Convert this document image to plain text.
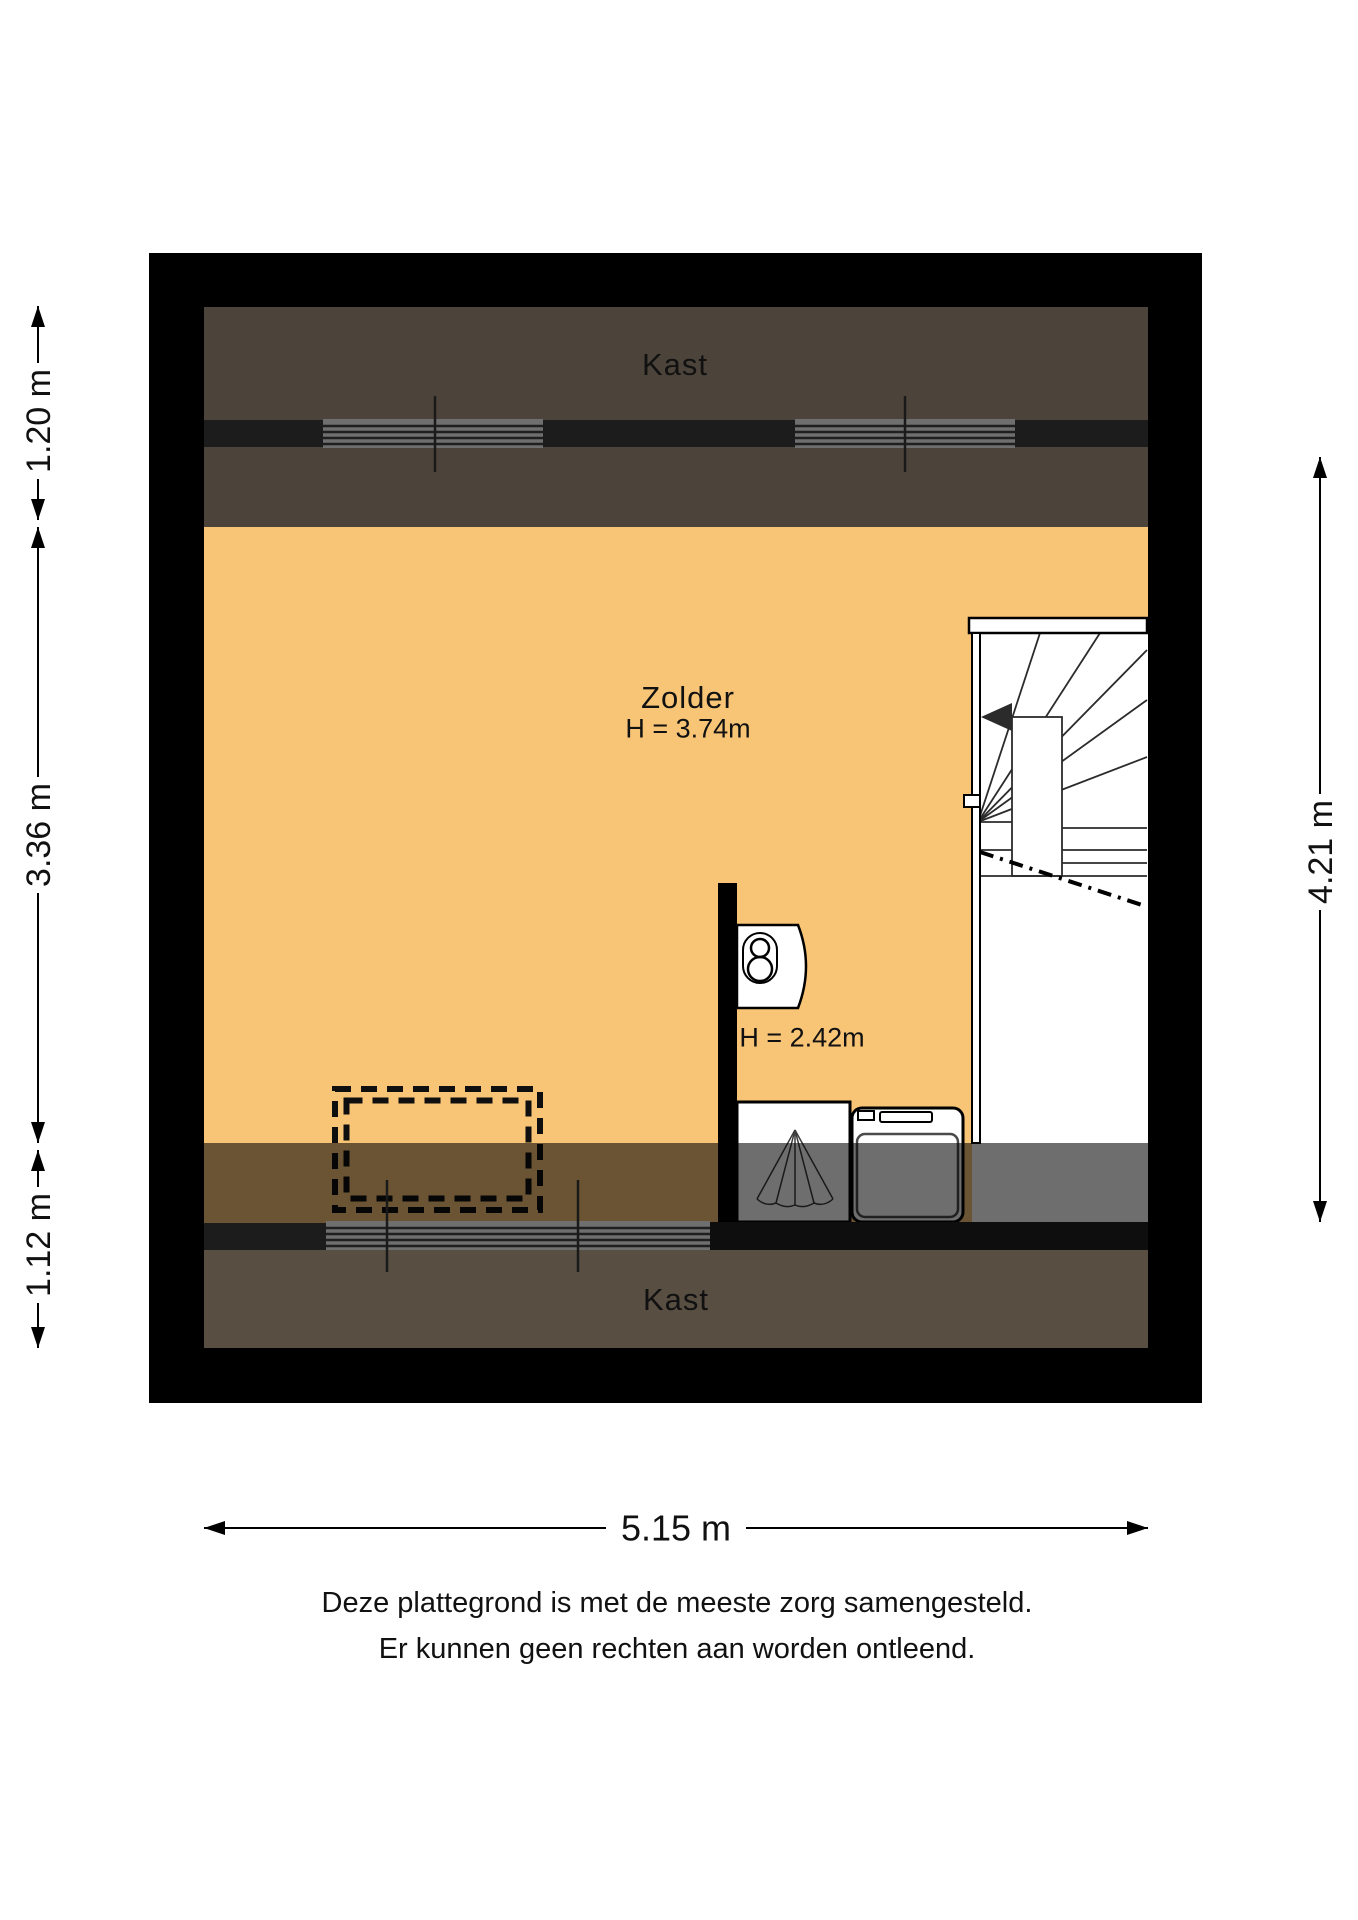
Kast
Zolder
H = 3.74m
H = 2.42m
Kast
1.20 m
3.36 m
1.12 m
4.21 m
5.15 m
Deze plattegrond is met de meeste zorg samengesteld.
Er kunnen geen rechten aan worden ontleend.
